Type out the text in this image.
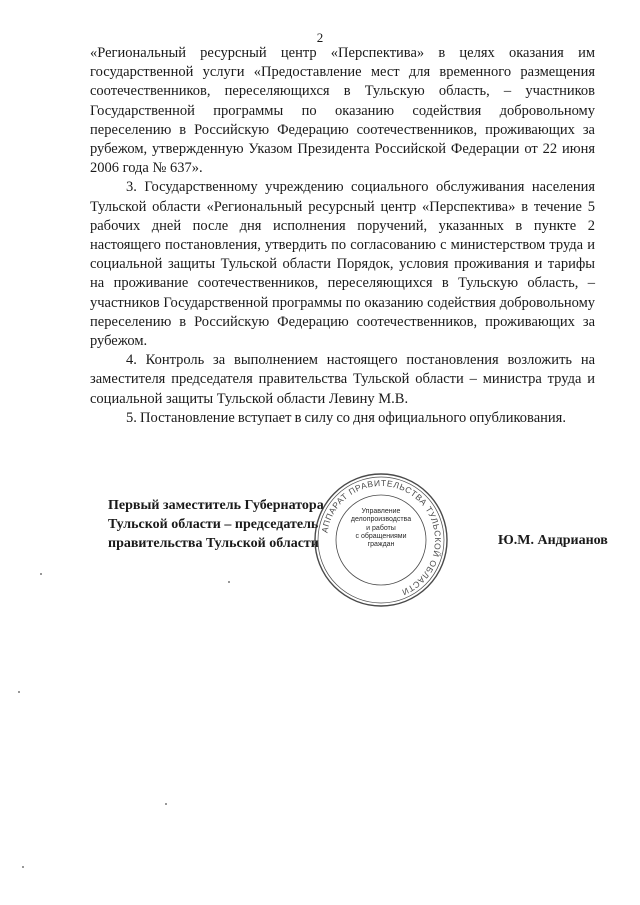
2

«Региональный ресурсный центр «Перспектива» в целях оказания им государственной услуги «Предоставление мест для временного размещения соотечественников, переселяющихся в Тульскую область, – участников Государственной программы по оказанию содействия добровольному переселению в Российскую Федерацию соотечественников, проживающих за рубежом, утвержденную Указом Президента Российской Федерации от 22 июня 2006 года № 637».

3. Государственному учреждению социального обслуживания населения Тульской области «Региональный ресурсный центр «Перспектива» в течение 5 рабочих дней после дня исполнения поручений, указанных в пункте 2 настоящего постановления, утвердить по согласованию с министерством труда и социальной защиты Тульской области Порядок, условия проживания и тарифы на проживание соотечественников, переселяющихся в Тульскую область, – участников Государственной программы по оказанию содействия добровольному переселению в Российскую Федерацию соотечественников, проживающих за рубежом.

4. Контроль за выполнением настоящего постановления возложить на заместителя председателя правительства Тульской области – министра труда и социальной защиты Тульской области Левину М.В.

5. Постановление вступает в силу со дня официального опубликования.

Первый заместитель Губернатора
Тульской области – председатель
правительства Тульской области	Ю.М. Андрианов
АППАРАТ ПРАВИТЕЛЬСТВА ТУЛЬСКОЙ ОБЛАСТИ
Управление
делопроизводства
и работы
с обращениями
граждан
